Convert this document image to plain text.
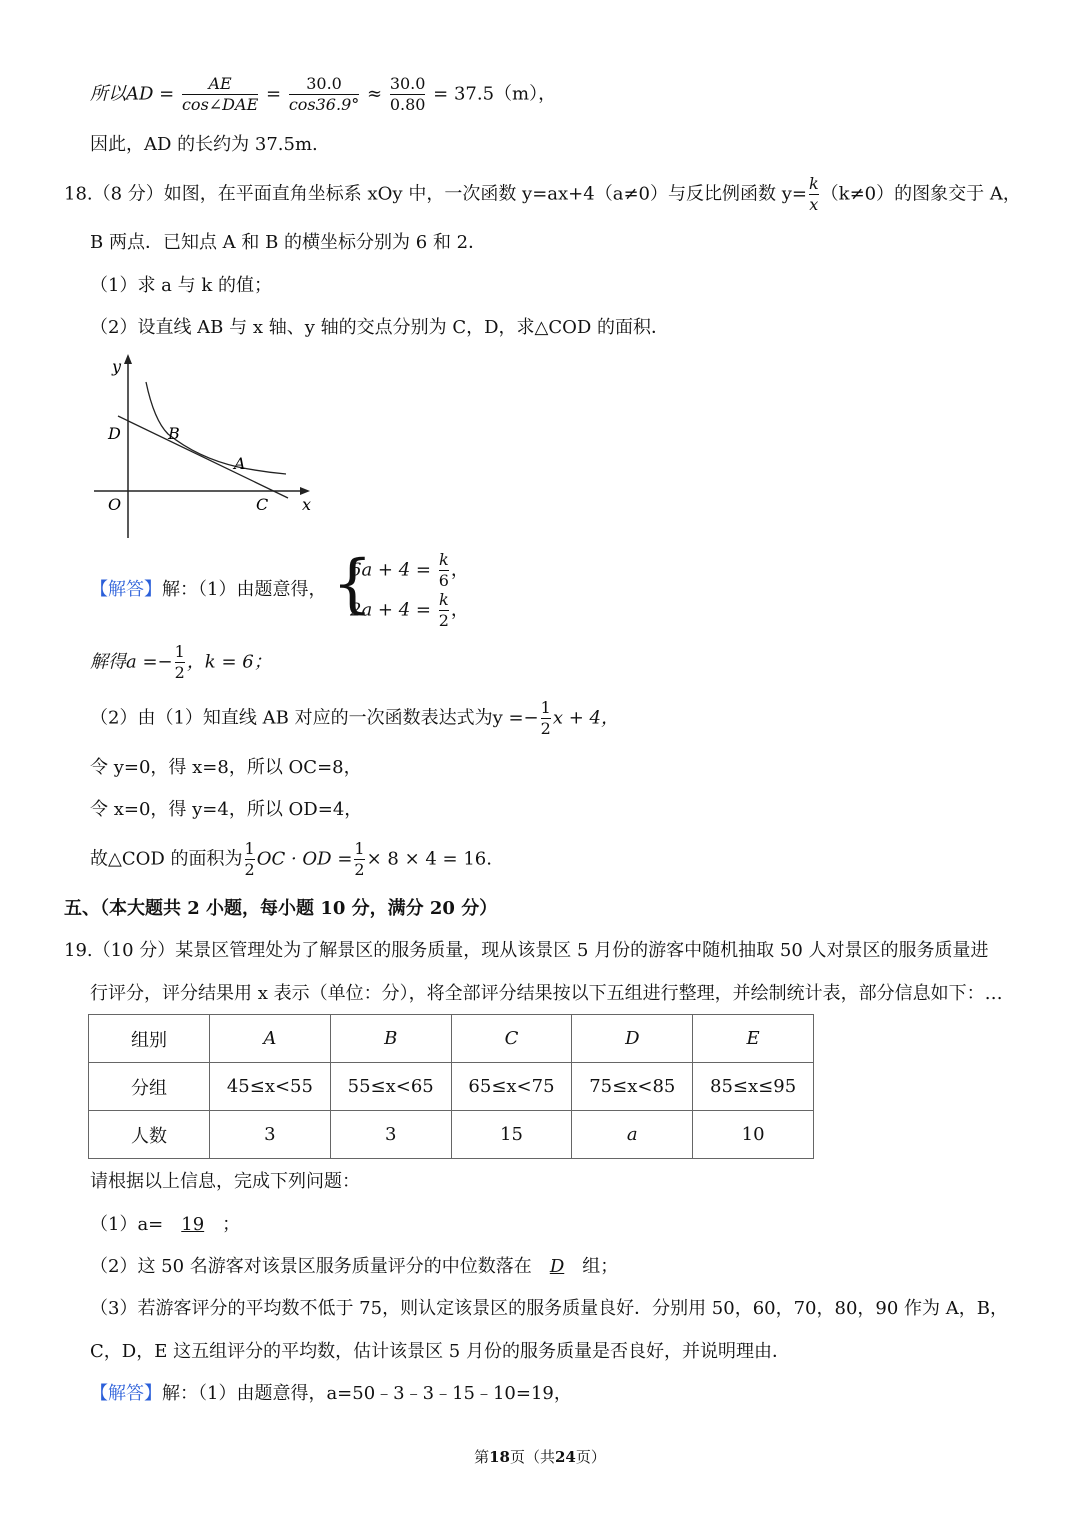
所以AD = $\frac{AE}{\text{cos∠DAE}} = \frac{30.0}{\cos 36.9^\circ} \approx \frac{30.0}{0.80} = 37.5(m)$，
因此，AD 的长约为 37.5m.
18.（8 分）如图，在平面直角坐标系 xOy 中，一次函数 y=ax+4（a≠0）与反比例函数 $y= \frac{k}{x} (k\ne 0)$的图象交于 A，
B 两点．已知点 A 和 B 的横坐标分别为 6 和 2．
（1）求 a 与 k 的值；
（2）设直线 AB 与 x 轴、y 轴的交点分别为 C，D，求△COD 的面积．
y
x
O
D	B
A
C
【解答】解：（1）由题意得， {
$6a + 4 = \frac{k}{6}$ ，
$2a + 4 = \frac{k}{2}$ ，
解得$a =- \frac{1}{2}$ ，k = 6；
（2）由（1）知直线 AB 对应的一次函数表达式为$y =- \frac{1}{2}$ x + 4，
令 y=0，得 x=8，所以 OC=8，
令 x=0，得 y=4，所以 OD=4，
故△COD 的面积为 $\frac{1}{2}$ OC · OD = $\frac{1}{2} \times 8 \times 4 = 16$.
五、（本大题共 2 小题，每小题 10 分，满分 20 分）
19.（10 分）某景区管理处为了解景区的服务质量，现从该景区 5 月份的游客中随机抽取 50 人对景区的服务质量进
行评分，评分结果用 x 表示（单位：分），将全部评分结果按以下五组进行整理，并绘制统计表，部分信息如下：…
组别	A	B	C	D	E
分组	45≤x<55	55≤x<65	65≤x<75	75≤x<85	85≤x≤95
人数	3	3	15	a	10
请根据以上信息，完成下列问题：
（1）a= 19 ；
（2）这 50 名游客对该景区服务质量评分的中位数落在 D 组；
（3）若游客评分的平均数不低于 75，则认定该景区的服务质量良好．分别用 50，60，70，80，90 作为 A，B，
C，D，E 这五组评分的平均数，估计该景区 5 月份的服务质量是否良好，并说明理由．
【解答】解：（1）由题意得，a=50﹣3﹣3﹣15﹣10=19，
第18页（共24页）
